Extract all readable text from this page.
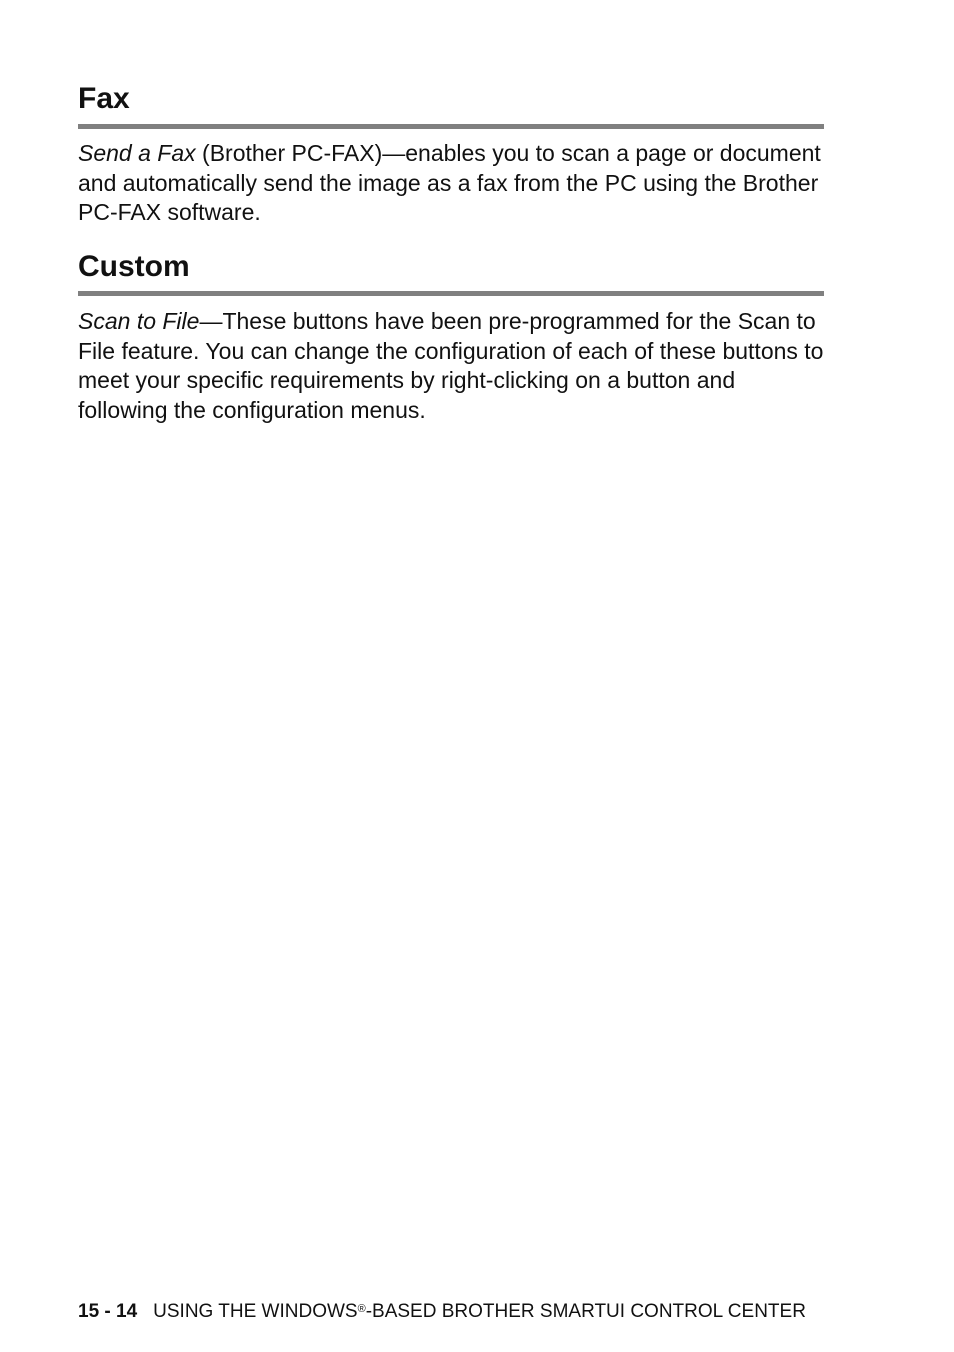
Fax

Send a Fax (Brother PC-FAX)—enables you to scan a page or document and automatically send the image as a fax from the PC using the Brother PC-FAX software.

Custom

Scan to File—These buttons have been pre-programmed for the Scan to File feature. You can change the configuration of each of these buttons to meet your specific requirements by right-clicking on a button and following the configuration menus.

15 - 14 USING THE WINDOWS®-BASED BROTHER SMARTUI CONTROL CENTER
